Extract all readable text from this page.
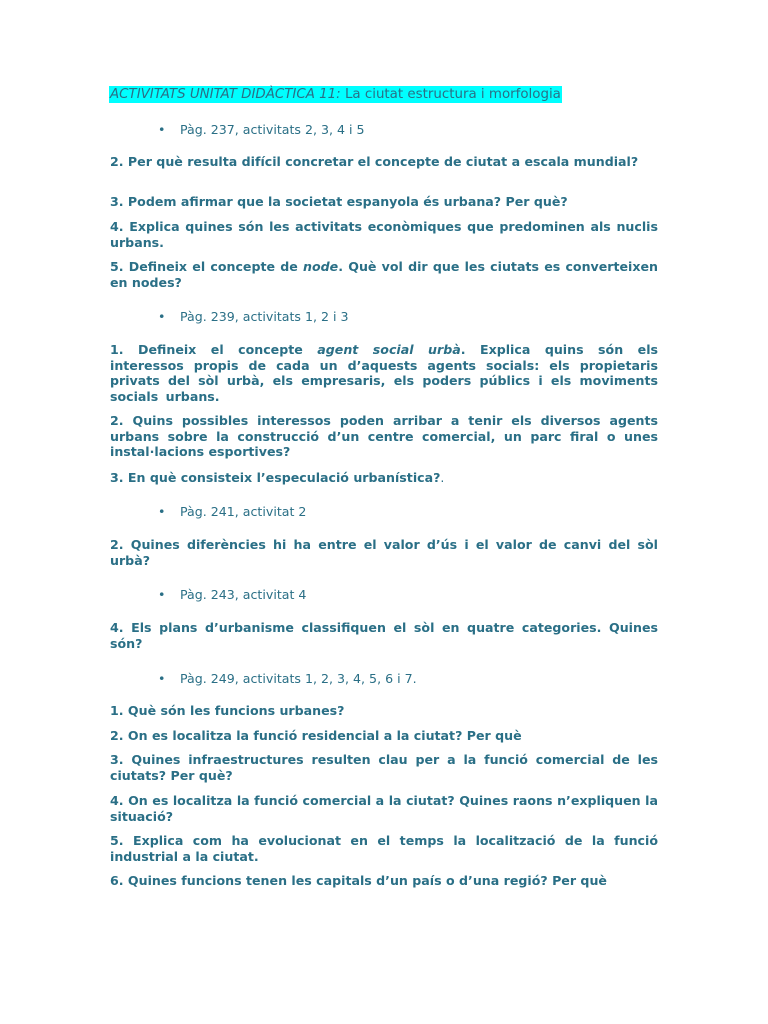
ACTIVITATS UNITAT DIDÀCTICA 11: La ciutat estructura i morfologia
• Pàg. 237, activitats 2, 3, 4 i 5
2. Per què resulta difícil concretar el concepte de ciutat a escala mundial?
3. Podem afirmar que la societat espanyola és urbana? Per què?
4. Explica quines són les activitats econòmiques que predominen als nuclis urbans.
5. Defineix el concepte de node. Què vol dir que les ciutats es converteixen en nodes?
• Pàg. 239, activitats 1, 2 i 3
1. Defineix el concepte agent social urbà. Explica quins són els interessos propis de cada un d’aquests agents socials: els propietaris privats del sòl urbà, els empresaris, els poders públics i els moviments socials urbans.
2. Quins possibles interessos poden arribar a tenir els diversos agents urbans sobre la construcció d’un centre comercial, un parc firal o unes instal·lacions esportives?
3. En què consisteix l’especulació urbanística?.
• Pàg. 241, activitat 2
2. Quines diferències hi ha entre el valor d’ús i el valor de canvi del sòl urbà?
• Pàg. 243, activitat 4
4. Els plans d’urbanisme classifiquen el sòl en quatre categories. Quines són?
• Pàg. 249, activitats 1, 2, 3, 4, 5, 6 i 7.
1. Què són les funcions urbanes?
2. On es localitza la funció residencial a la ciutat? Per què
3. Quines infraestructures resulten clau per a la funció comercial de les ciutats? Per què?
4. On es localitza la funció comercial a la ciutat? Quines raons n’expliquen la situació?
5. Explica com ha evolucionat en el temps la localització de la funció industrial a la ciutat.
6. Quines funcions tenen les capitals d’un país o d’una regió? Per què
